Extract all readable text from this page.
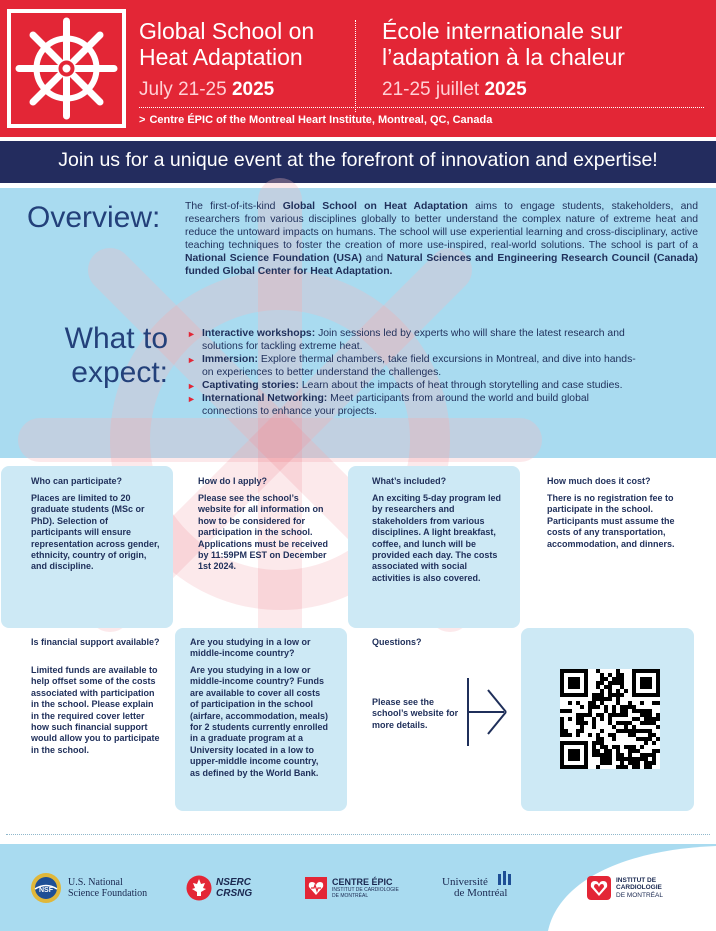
Global School on Heat Adaptation
École internationale sur l’adaptation à la chaleur
July 21-25 2025	21-25 juillet 2025
> Centre ÉPIC of the Montreal Heart Institute, Montreal, QC, Canada
Join us for a unique event at the forefront of innovation and expertise!
Overview: The first-of-its-kind Global School on Heat Adaptation aims to engage students, stakeholders, and researchers from various disciplines globally to better understand the complex nature of extreme heat and reduce the untoward impacts on humans. The school will use experiential learning and cross-disciplinary, active teaching techniques to foster the creation of more use-inspired, real-world solutions. The school is part of a National Science Foundation (USA) and Natural Sciences and Engineering Research Council (Canada) funded Global Center for Heat Adaptation.
What to
expect:
► Interactive workshops: Join sessions led by experts who will share the latest research and solutions for tackling extreme heat.
► Immersion: Explore thermal chambers, take field excursions in Montreal, and dive into hands-on experiences to better understand the challenges.
► Captivating stories: Learn about the impacts of heat through storytelling and case studies.
► International Networking: Meet participants from around the world and build global connections to enhance your projects.
Who can participate?
Places are limited to 20 graduate students (MSc or PhD). Selection of participants will ensure representation across gender, ethnicity, country of origin, and discipline.
How do I apply?
Please see the school’s website for all information on how to be considered for participation in the school. Applications must be received by 11:59PM EST on December 1st 2024.
What’s included?
An exciting 5-day program led by researchers and stakeholders from various disciplines. A light breakfast, coffee, and lunch will be provided each day. The costs associated with social activities is also covered.
How much does it cost?
There is no registration fee to participate in the school. Participants must assume the costs of any transportation, accommodation, and dinners.
Is financial support available?
Limited funds are available to help offset some of the costs associated with participation in the school. Please explain in the required cover letter how such financial support would allow you to participate in the school.
Are you studying in a low or middle-income country?
Are you studying in a low or middle-income country? Funds are available to cover all costs of participation in the school (airfare, accommodation, meals) for 2 students currently enrolled in a graduate program at a University located in a low to upper-middle income country, as defined by the World Bank.
Questions?
Please see the school’s website for more details.
NSF
U.S. National
Science Foundation
NSERC
CRSNG
CENTRE ÉPIC
INSTITUT DE CARDIOLOGIE
DE MONTRÉAL
Université
de Montréal
INSTITUT DE
CARDIOLOGIE
DE MONTRÉAL
